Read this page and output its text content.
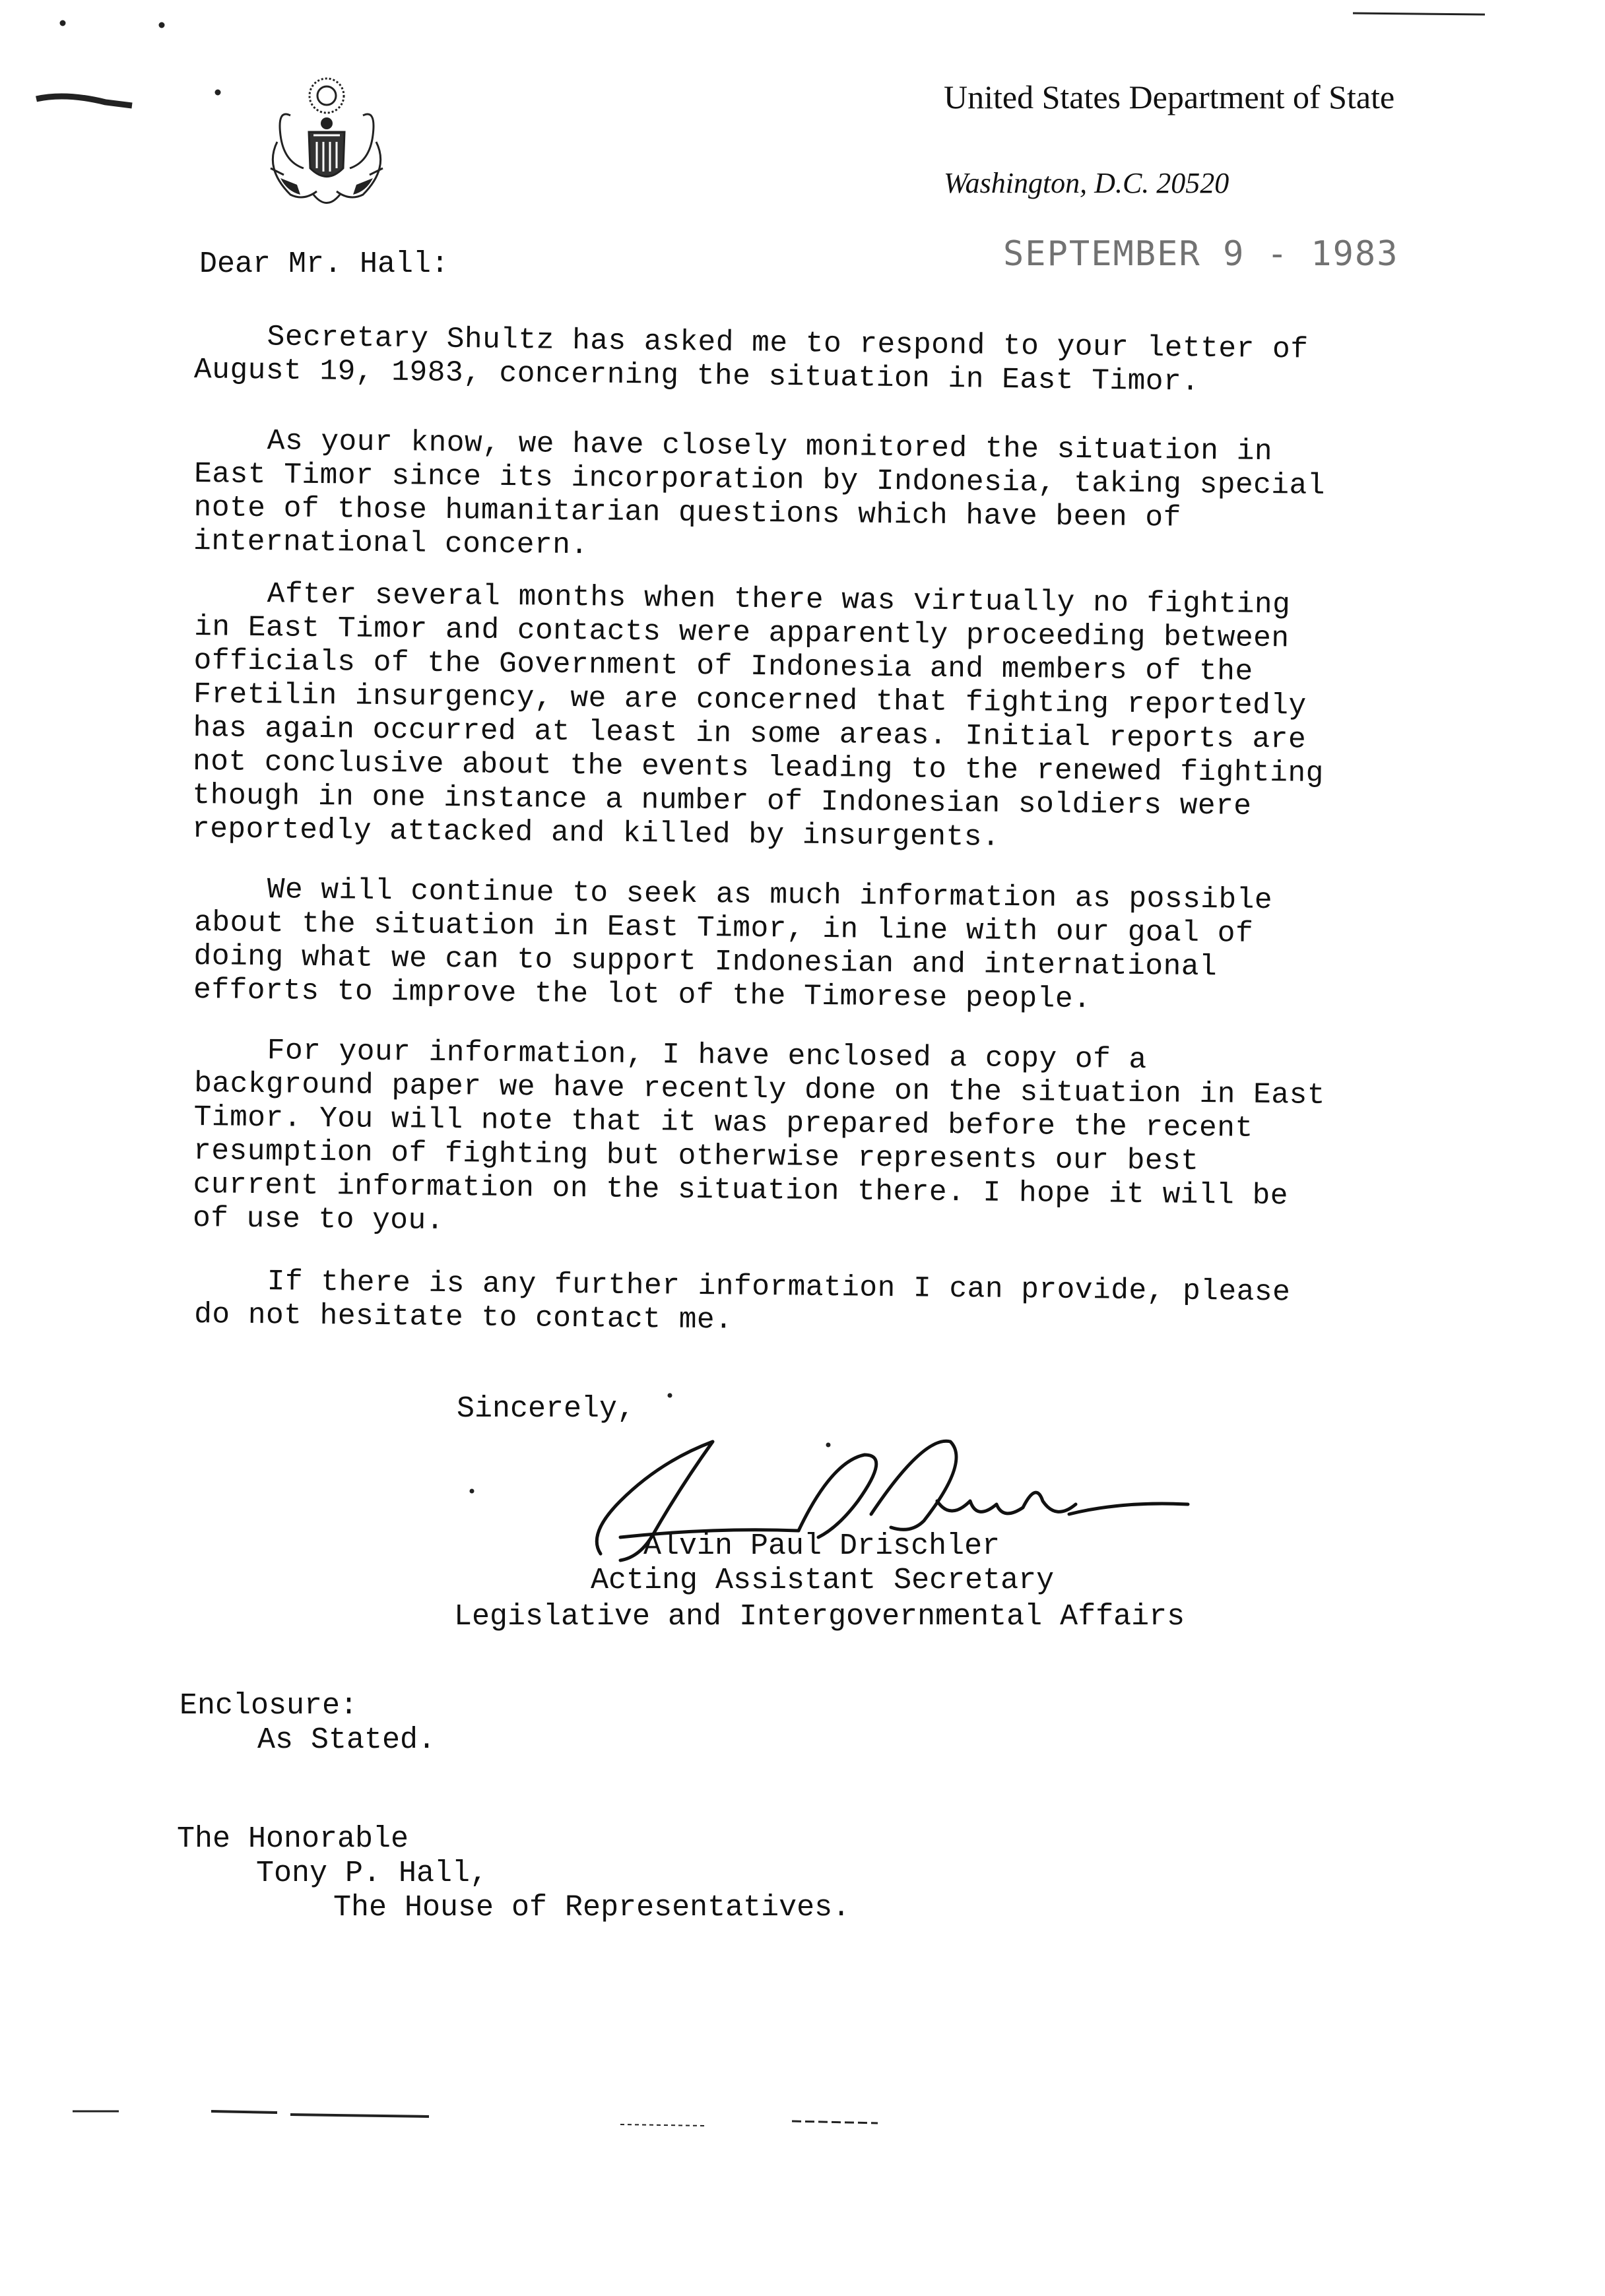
United States Department of State
Washington, D.C. 20520
SEPTEMBER 9 - 1983
Dear Mr. Hall:
Secretary Shultz has asked me to respond to your letter of
August 19, 1983, concerning the situation in East Timor.
As your know, we have closely monitored the situation in
East Timor since its incorporation by Indonesia, taking special
note of those humanitarian questions which have been of
international concern.
After several months when there was virtually no fighting
in East Timor and contacts were apparently proceeding between
officials of the Government of Indonesia and members of the
Fretilin insurgency, we are concerned that fighting reportedly
has again occurred at least in some areas. Initial reports are
not conclusive about the events leading to the renewed fighting
though in one instance a number of Indonesian soldiers were
reportedly attacked and killed by insurgents.
We will continue to seek as much information as possible
about the situation in East Timor, in line with our goal of
doing what we can to support Indonesian and international
efforts to improve the lot of the Timorese people.
For your information, I have enclosed a copy of a
background paper we have recently done on the situation in East
Timor. You will note that it was prepared before the recent
resumption of fighting but otherwise represents our best
current information on the situation there. I hope it will be
of use to you.
If there is any further information I can provide, please
do not hesitate to contact me.
Sincerely,
Alvin Paul Drischler
Acting Assistant Secretary
Legislative and Intergovernmental Affairs
Enclosure:
As Stated.
The Honorable
Tony P. Hall,
The House of Representatives.
